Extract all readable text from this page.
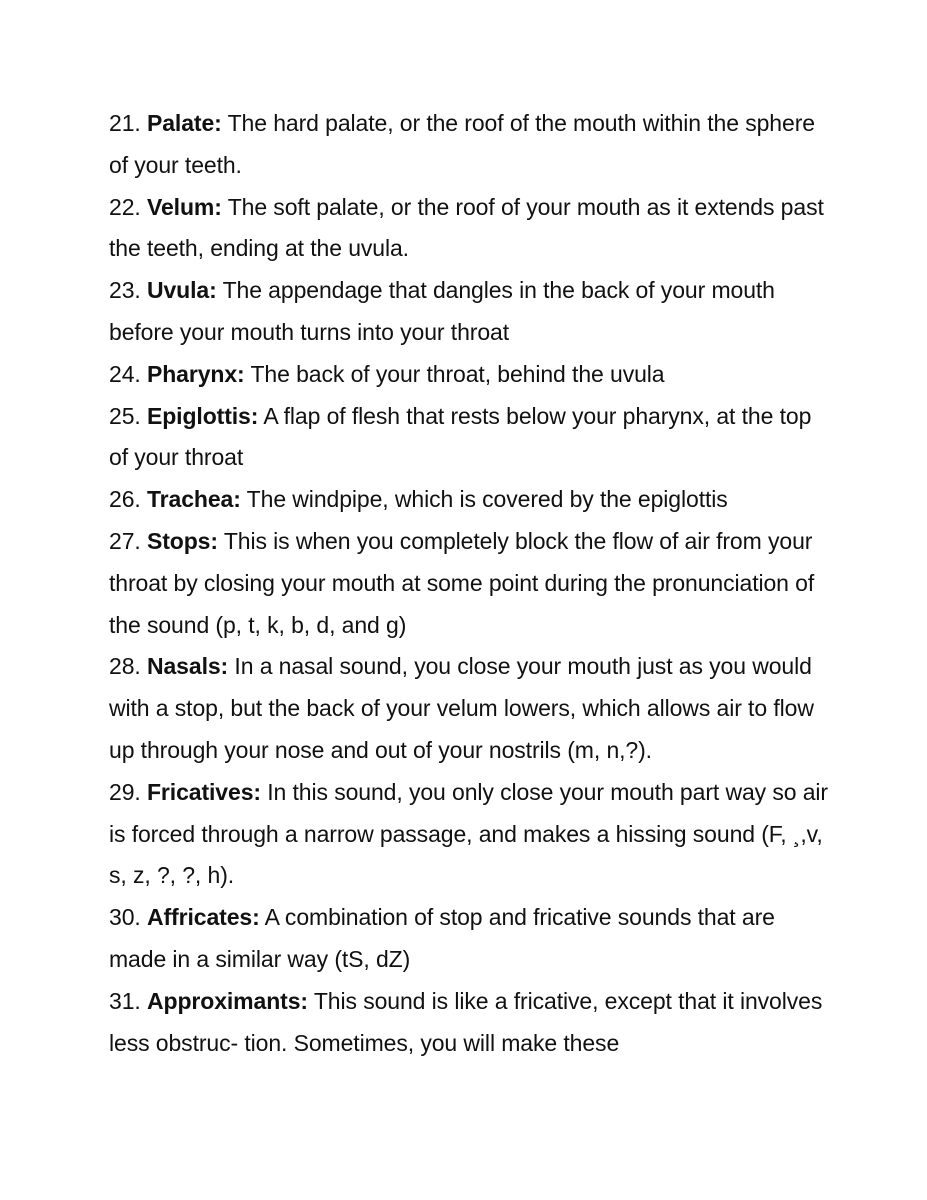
21. Palate: The hard palate, or the roof of the mouth within the sphere of your teeth.

22. Velum: The soft palate, or the roof of your mouth as it extends past the teeth, ending at the uvula.

23. Uvula: The appendage that dangles in the back of your mouth before your mouth turns into your throat

24. Pharynx: The back of your throat, behind the uvula

25. Epiglottis: A flap of flesh that rests below your pharynx, at the top of your throat

26. Trachea: The windpipe, which is covered by the epiglottis

27. Stops: This is when you completely block the flow of air from your throat by closing your mouth at some point during the pronunciation of the sound (p, t, k, b, d, and g)

28. Nasals: In a nasal sound, you close your mouth just as you would with a stop, but the back of your velum lowers, which allows air to flow up through your nose and out of your nostrils (m, n,?).

29. Fricatives: In this sound, you only close your mouth part way so air is forced through a narrow passage, and makes a hissing sound (F, ¸,v, s, z, ?, ?, h).

30. Affricates: A combination of stop and fricative sounds that are made in a similar way (tS, dZ)

31. Approximants: This sound is like a fricative, except that it involves less obstruc- tion. Sometimes, you will make these
